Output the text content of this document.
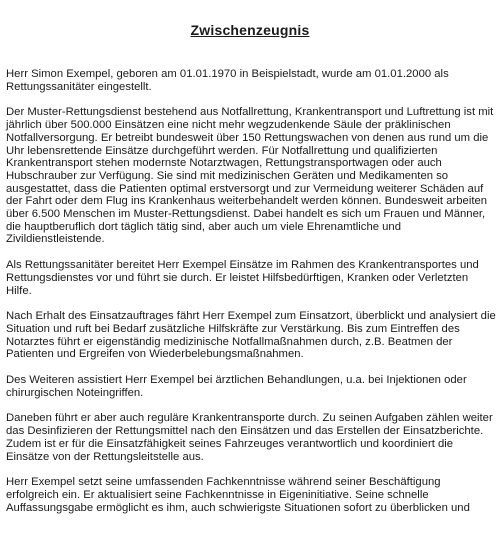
Zwischenzeugnis

Herr Simon Exempel, geboren am 01.01.1970 in Beispielstadt, wurde am 01.01.2000 als Rettungssanitäter eingestellt.

Der Muster-Rettungsdienst bestehend aus Notfallrettung, Krankentransport und Luftrettung ist mit jährlich über 500.000 Einsätzen eine nicht mehr wegzudenkende Säule der präklinischen Notfallversorgung. Er betreibt bundesweit über 150 Rettungswachen von denen aus rund um die Uhr lebensrettende Einsätze durchgeführt werden. Für Notfallrettung und qualifizierten Krankentransport stehen modernste Notarztwagen, Rettungstransportwagen oder auch Hubschrauber zur Verfügung. Sie sind mit medizinischen Geräten und Medikamenten so ausgestattet, dass die Patienten optimal erstversorgt und zur Vermeidung weiterer Schäden auf der Fahrt oder dem Flug ins Krankenhaus weiterbehandelt werden können. Bundesweit arbeiten über 6.500 Menschen im Muster-Rettungsdienst. Dabei handelt es sich um Frauen und Männer, die hauptberuflich dort täglich tätig sind, aber auch um viele Ehrenamtliche und Zivildienstleistende.

Als Rettungssanitäter bereitet Herr Exempel Einsätze im Rahmen des Krankentransportes und Rettungsdienstes vor und führt sie durch. Er leistet Hilfsbedürftigen, Kranken oder Verletzten Hilfe.

Nach Erhalt des Einsatzauftrages fährt Herr Exempel zum Einsatzort, überblickt und analysiert die Situation und ruft bei Bedarf zusätzliche Hilfskräfte zur Verstärkung. Bis zum Eintreffen des Notarztes führt er eigenständig medizinische Notfallmaßnahmen durch, z.B. Beatmen der Patienten und Ergreifen von Wiederbelebungsmaßnahmen.

Des Weiteren assistiert Herr Exempel bei ärztlichen Behandlungen, u.a. bei Injektionen oder chirurgischen Noteingriffen.

Daneben führt er aber auch reguläre Krankentransporte durch. Zu seinen Aufgaben zählen weiter das Desinfizieren der Rettungsmittel nach den Einsätzen und das Erstellen der Einsatzberichte. Zudem ist er für die Einsatzfähigkeit seines Fahrzeuges verantwortlich und koordiniert die Einsätze von der Rettungsleitstelle aus.

Herr Exempel setzt seine umfassenden Fachkenntnisse während seiner Beschäftigung erfolgreich ein. Er aktualisiert seine Fachkenntnisse in Eigeninitiative. Seine schnelle Auffassungsgabe ermöglicht es ihm, auch schwierigste Situationen sofort zu überblicken und
